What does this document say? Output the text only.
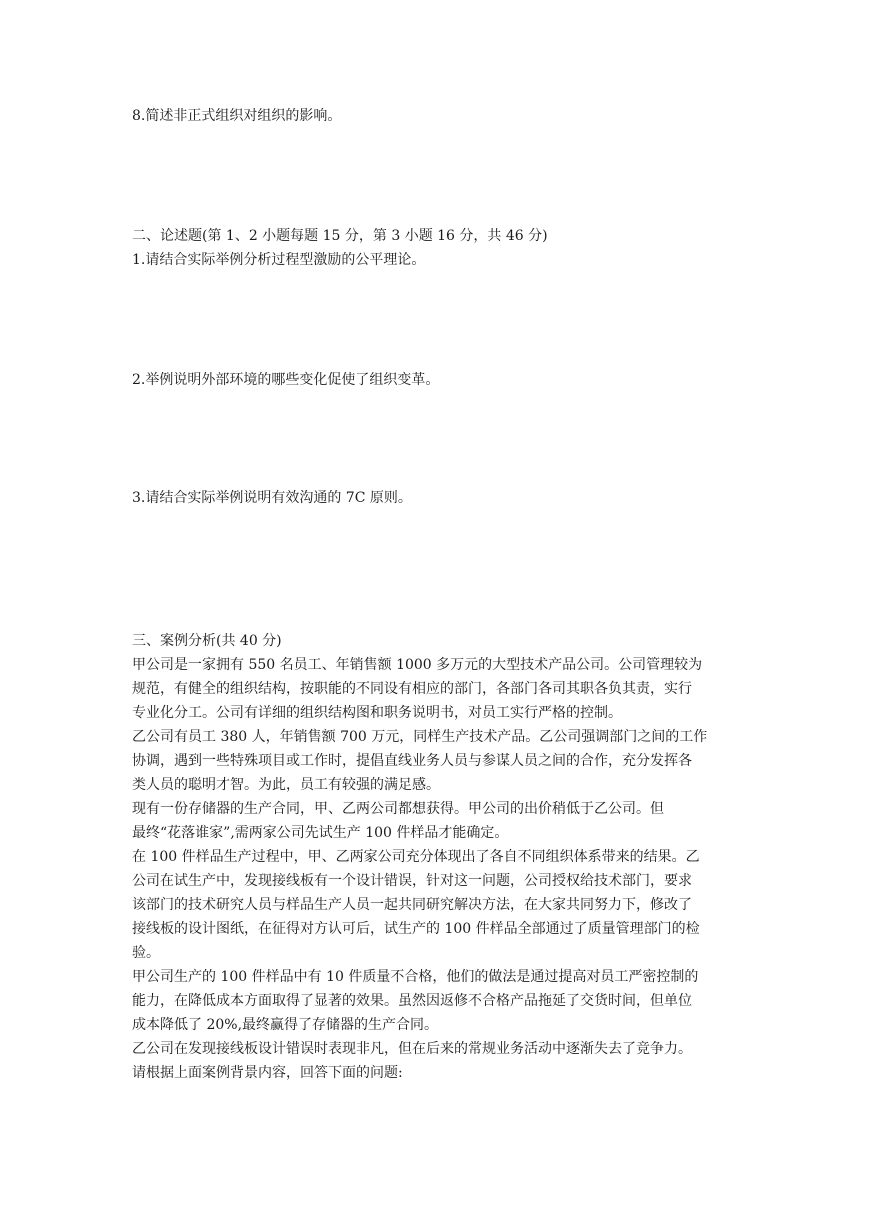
8.简述非正式组织对组织的影响。
二、论述题(第 1、2 小题每题 15 分，第 3 小题 16 分，共 46 分)
1.请结合实际举例分析过程型激励的公平理论。
2.举例说明外部环境的哪些变化促使了组织变革。
3.请结合实际举例说明有效沟通的 7C 原则。
三、案例分析(共 40 分)

甲公司是一家拥有 550 名员工、年销售额 1000 多万元的大型技术产品公司。公司管理较为

规范，有健全的组织结构，按职能的不同设有相应的部门，各部门各司其职各负其责，实行

专业化分工。公司有详细的组织结构图和职务说明书，对员工实行严格的控制。

乙公司有员工 380 人，年销售额 700 万元，同样生产技术产品。乙公司强调部门之间的工作

协调，遇到一些特殊项目或工作时，提倡直线业务人员与参谋人员之间的合作，充分发挥各

类人员的聪明才智。为此，员工有较强的满足感。

现有一份存储器的生产合同，甲、乙两公司都想获得。甲公司的出价稍低于乙公司。但

最终“花落谁家”,需两家公司先试生产 100 件样品才能确定。

在 100 件样品生产过程中，甲、乙两家公司充分体现出了各自不同组织体系带来的结果。乙

公司在试生产中，发现接线板有一个设计错误，针对这一问题，公司授权给技术部门，要求

该部门的技术研究人员与样品生产人员一起共同研究解决方法，在大家共同努力下，修改了

接线板的设计图纸，在征得对方认可后，试生产的 100 件样品全部通过了质量管理部门的检

验。

甲公司生产的 100 件样品中有 10 件质量不合格，他们的做法是通过提高对员工严密控制的

能力，在降低成本方面取得了显著的效果。虽然因返修不合格产品拖延了交货时间，但单位

成本降低了 20%,最终赢得了存储器的生产合同。

乙公司在发现接线板设计错误时表现非凡，但在后来的常规业务活动中逐渐失去了竞争力。

请根据上面案例背景内容，回答下面的问题:
